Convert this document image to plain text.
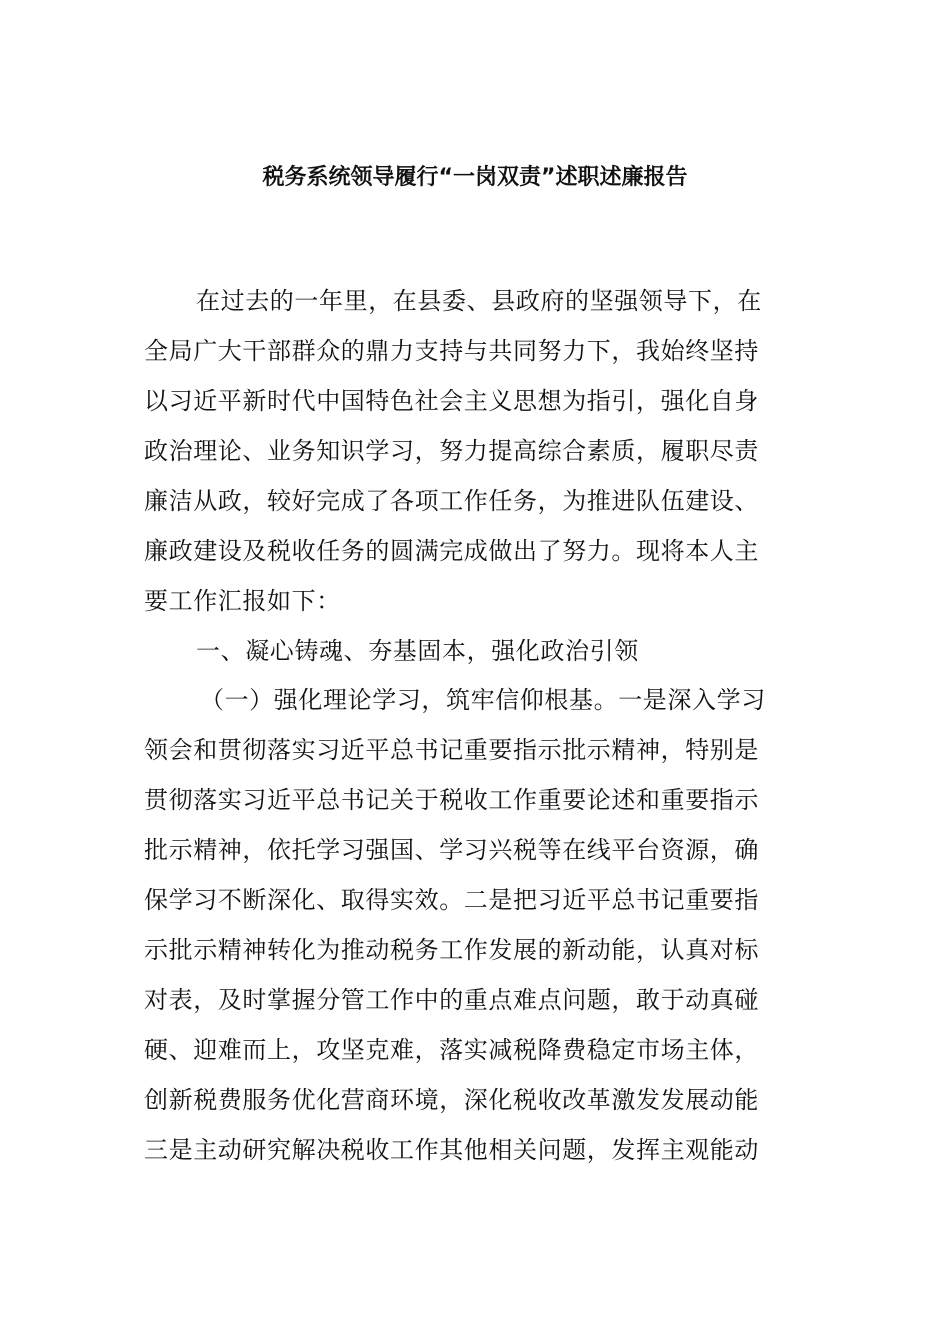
税务系统领导履行“一岗双责”述职述廉报告

在过去的一年里，在县委、县政府的坚强领导下，在

全局广大干部群众的鼎力支持与共同努力下，我始终坚持

以习近平新时代中国特色社会主义思想为指引，强化自身

政治理论、业务知识学习，努力提高综合素质，履职尽责

廉洁从政，较好完成了各项工作任务，为推进队伍建设、

廉政建设及税收任务的圆满完成做出了努力。现将本人主

要工作汇报如下：

一、凝心铸魂、夯基固本，强化政治引领

（一）强化理论学习，筑牢信仰根基。一是深入学习

领会和贯彻落实习近平总书记重要指示批示精神，特别是

贯彻落实习近平总书记关于税收工作重要论述和重要指示

批示精神，依托学习强国、学习兴税等在线平台资源，确

保学习不断深化、取得实效。二是把习近平总书记重要指

示批示精神转化为推动税务工作发展的新动能，认真对标

对表，及时掌握分管工作中的重点难点问题，敢于动真碰

硬、迎难而上，攻坚克难，落实减税降费稳定市场主体，

创新税费服务优化营商环境，深化税收改革激发发展动能

三是主动研究解决税收工作其他相关问题，发挥主观能动
